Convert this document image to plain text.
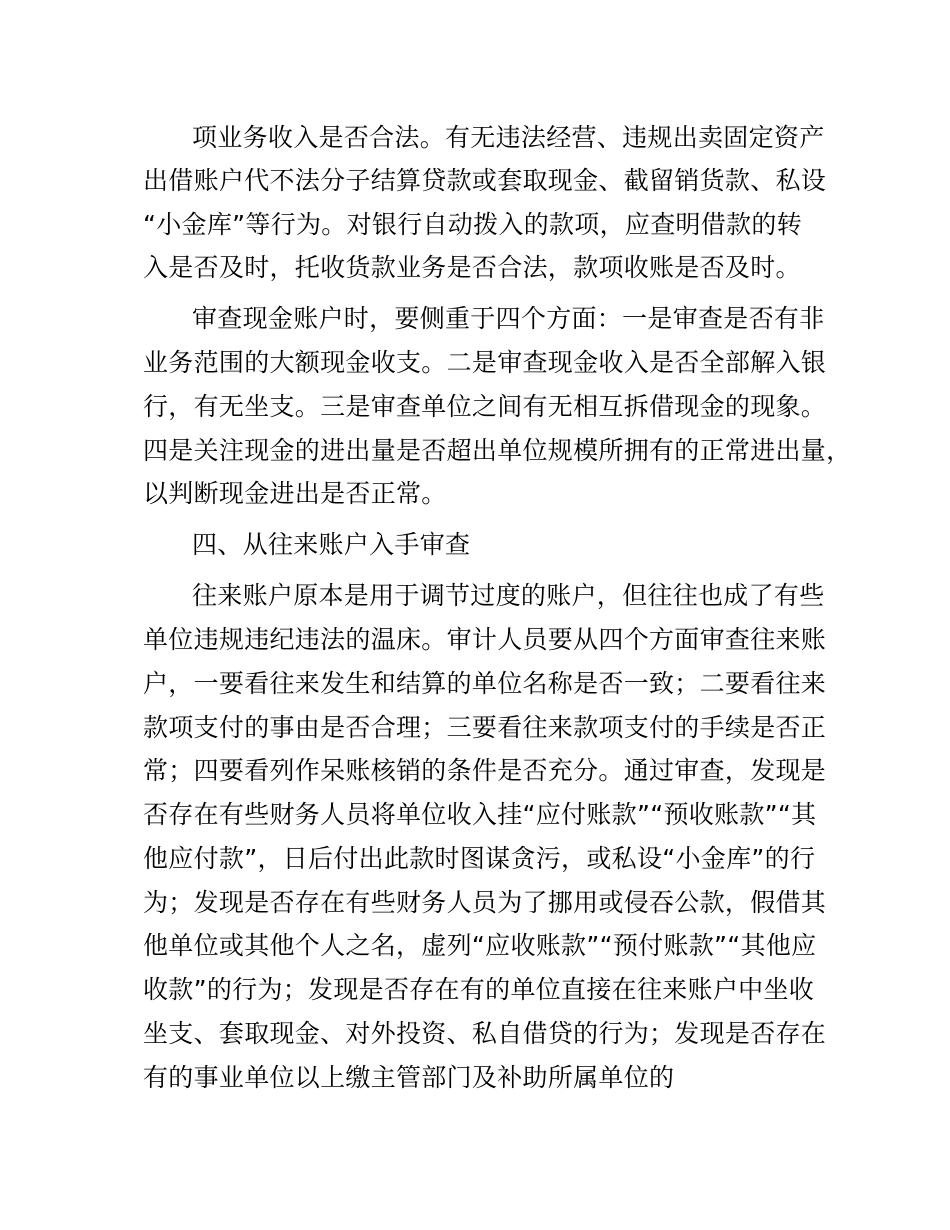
项业务收入是否合法。有无违法经营、违规出卖固定资产

出借账户代不法分子结算贷款或套取现金、截留销货款、私设

“小金库”等行为。对银行自动拨入的款项，应查明借款的转

入是否及时，托收货款业务是否合法，款项收账是否及时。

审查现金账户时，要侧重于四个方面：一是审查是否有非

业务范围的大额现金收支。二是审查现金收入是否全部解入银

行，有无坐支。三是审查单位之间有无相互拆借现金的现象。

四是关注现金的进出量是否超出单位规模所拥有的正常进出量，

以判断现金进出是否正常。

四、从往来账户入手审查

往来账户原本是用于调节过度的账户，但往往也成了有些

单位违规违纪违法的温床。审计人员要从四个方面审查往来账

户，一要看往来发生和结算的单位名称是否一致；二要看往来

款项支付的事由是否合理；三要看往来款项支付的手续是否正

常；四要看列作呆账核销的条件是否充分。通过审查，发现是

否存在有些财务人员将单位收入挂“应付账款”“预收账款”“其

他应付款”，日后付出此款时图谋贪污，或私设“小金库”的行

为；发现是否存在有些财务人员为了挪用或侵吞公款，假借其

他单位或其他个人之名，虚列“应收账款”“预付账款”“其他应

收款”的行为；发现是否存在有的单位直接在往来账户中坐收

坐支、套取现金、对外投资、私自借贷的行为；发现是否存在

有的事业单位以上缴主管部门及补助所属单位的
